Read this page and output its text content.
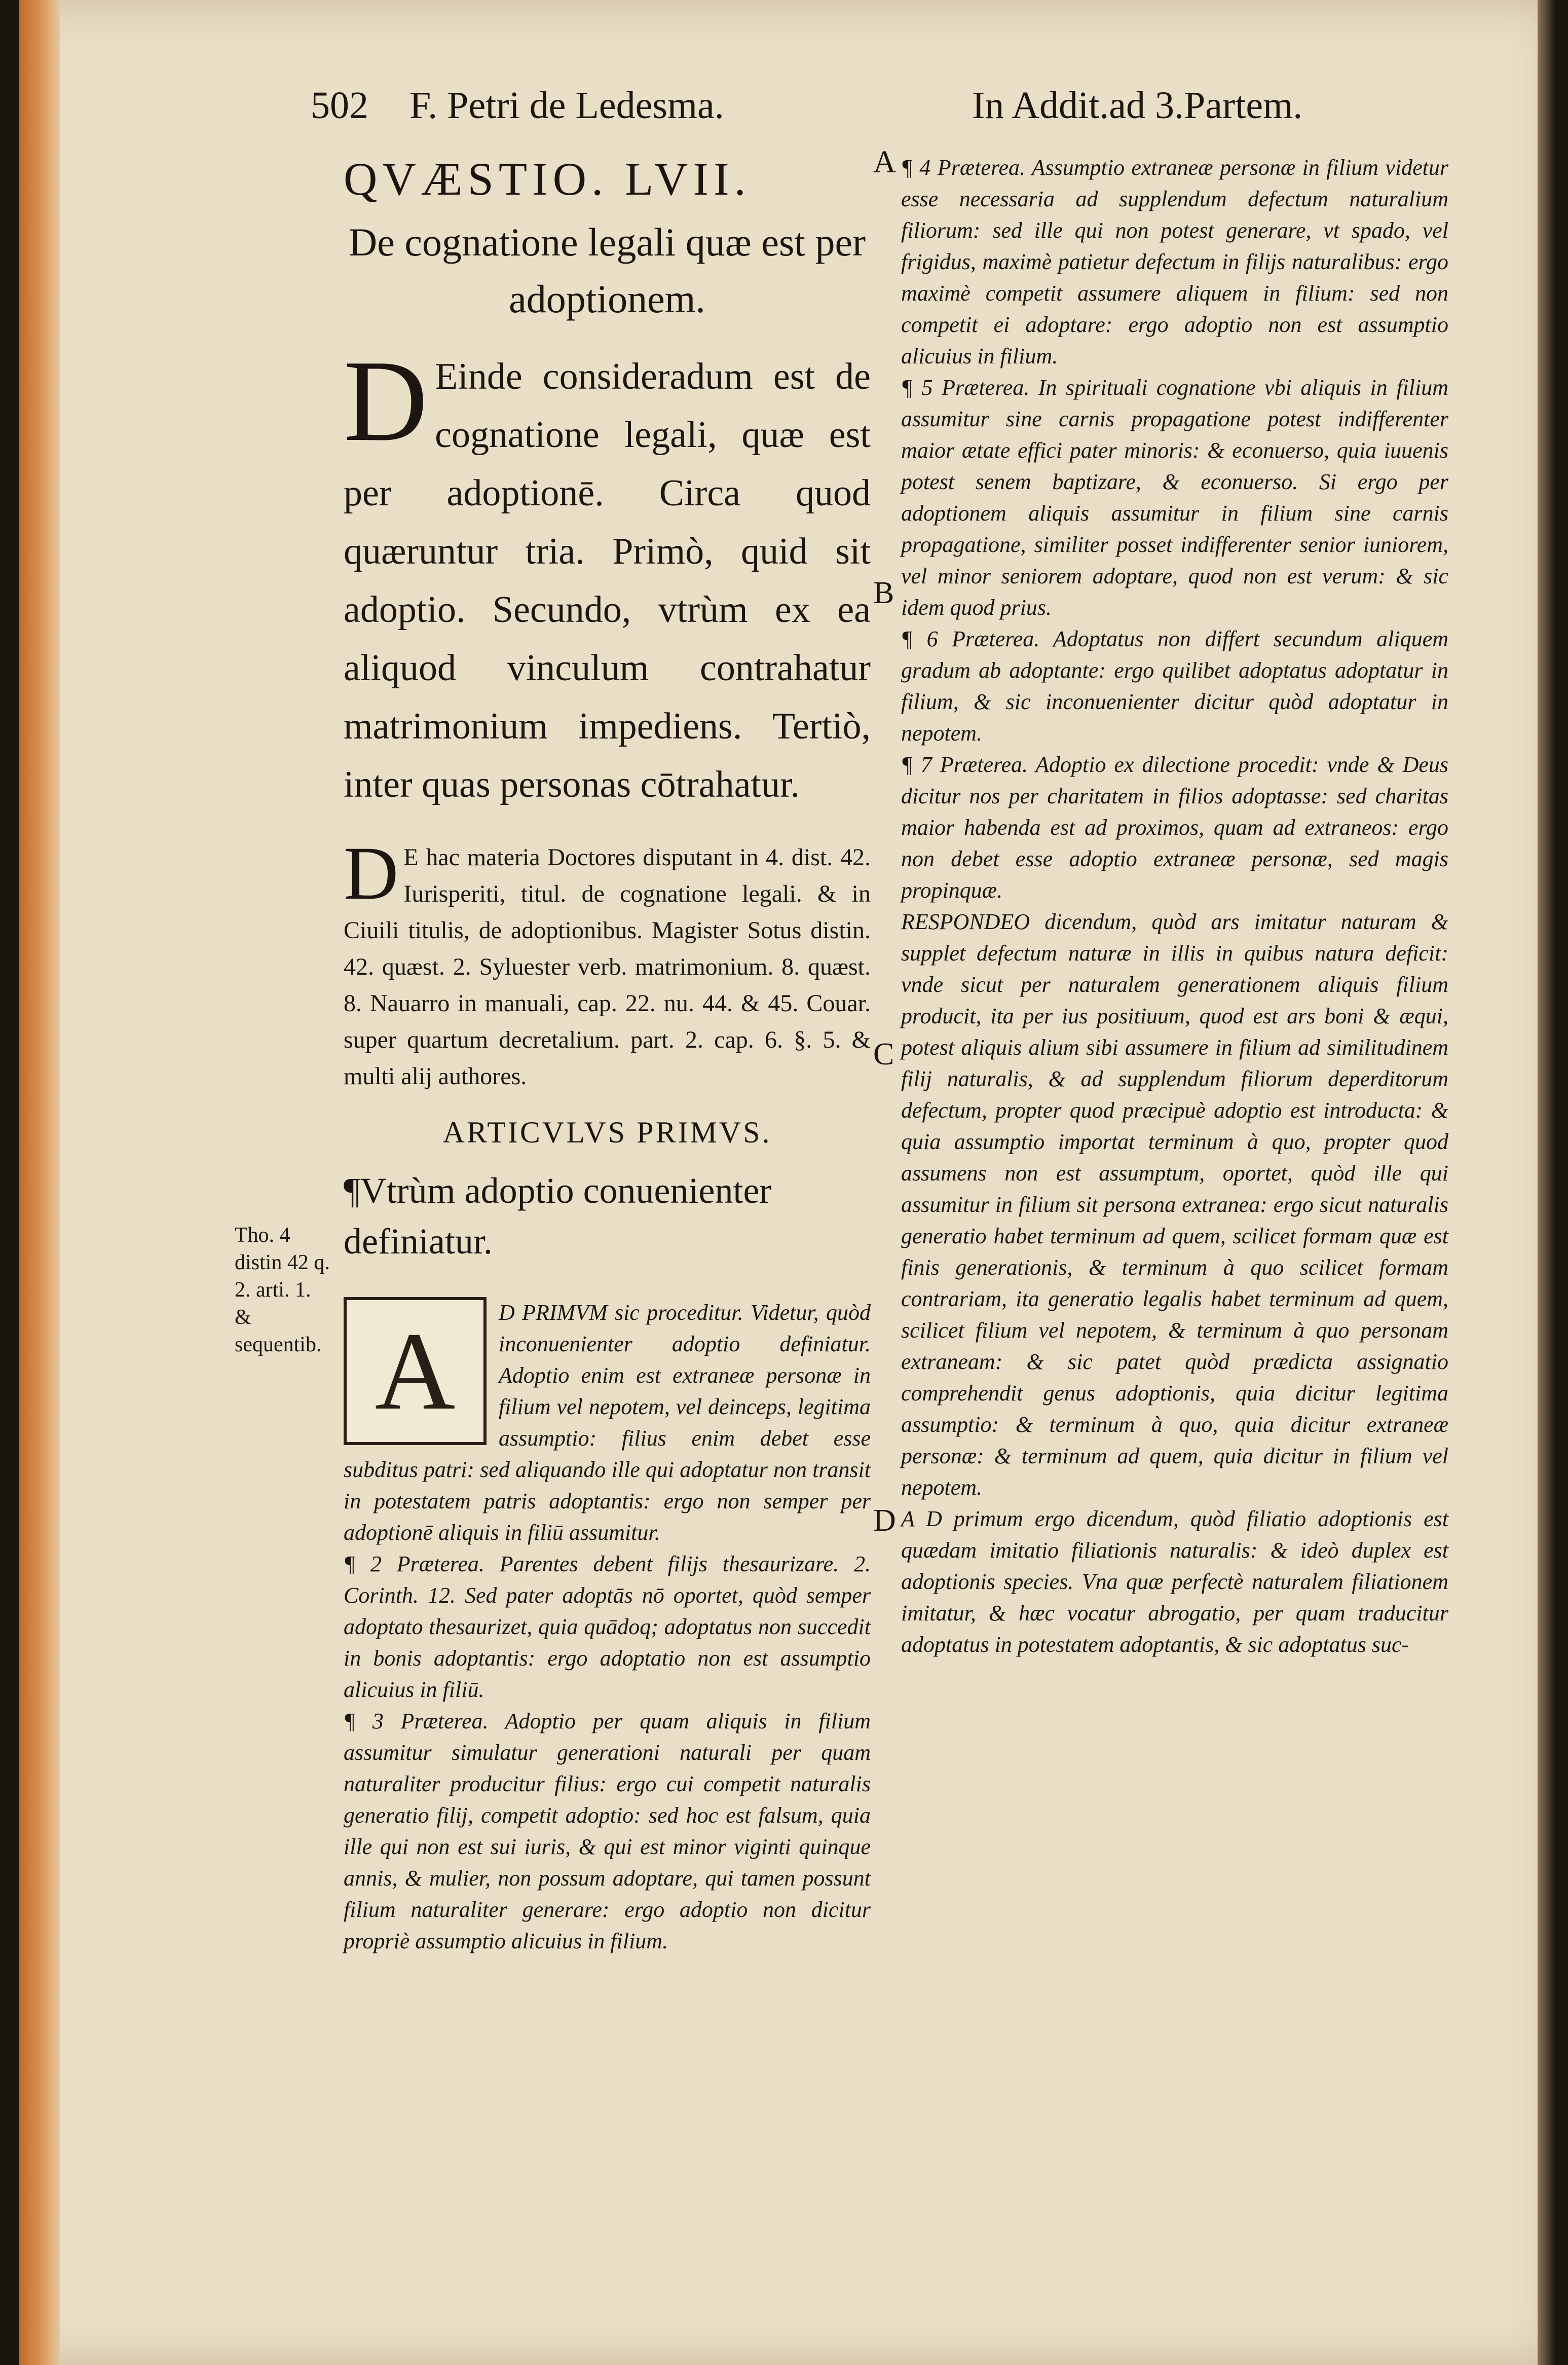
502 F. Petri de Ledesma.	In Addit.ad 3.Partem.
Tho. 4 distin 42 q. 2. arti. 1. & sequentib.
A
B
C
D
QVÆSTIO. LVII.
De cognatione legali quæ est per adoptionem.
D Einde consideradum est de cognatione legali, quæ est per adoptionē. Circa quod quæruntur tria. Primò, quid sit adoptio. Secundo, vtrùm ex ea aliquod vinculum contrahatur matrimonium impediens. Tertiò, inter quas personas cōtrahatur.
D E hac materia Doctores disputant in 4. dist. 42. Iurisperiti, titul. de cognatione legali. & in Ciuili titulis, de adoptionibus. Magister Sotus distin. 42. quæst. 2. Syluester verb. matrimonium. 8. quæst. 8. Nauarro in manuali, cap. 22. nu. 44. & 45. Couar. super quartum decretalium. part. 2. cap. 6. §. 5. & multi alij authores.
ARTICVLVS PRIMVS.
¶Vtrùm adoptio conuenienter definiatur.
A	D PRIMVM sic proceditur. Videtur, quòd inconuenienter adoptio definiatur. Adoptio enim est extraneæ personæ in filium vel nepotem, vel deinceps, legitima assumptio: filius enim debet esse subditus patri: sed aliquando ille qui adoptatur non transit in potestatem patris adoptantis: ergo non semper per adoptionē aliquis in filiū assumitur.

¶ 2 Præterea. Parentes debent filijs thesaurizare. 2. Corinth. 12. Sed pater adoptās nō oportet, quòd semper adoptato thesaurizet, quia quādoq; adoptatus non succedit in bonis adoptantis: ergo adoptatio non est assumptio alicuius in filiū.

¶ 3 Præterea. Adoptio per quam aliquis in filium assumitur simulatur generationi naturali per quam naturaliter producitur filius: ergo cui competit naturalis generatio filij, competit adoptio: sed hoc est falsum, quia ille qui non est sui iuris, & qui est minor viginti quinque annis, & mulier, non possum adoptare, qui tamen possunt filium naturaliter generare: ergo adoptio non dicitur propriè assumptio alicuius in filium.

¶ 4 Præterea. Assumptio extraneæ personæ in filium videtur esse necessaria ad supplendum defectum naturalium filiorum: sed ille qui non potest generare, vt spado, vel frigidus, maximè patietur defectum in filijs naturalibus: ergo maximè competit assumere aliquem in filium: sed non competit ei adoptare: ergo adoptio non est assumptio alicuius in filium.

¶ 5 Præterea. In spirituali cognatione vbi aliquis in filium assumitur sine carnis propagatione potest indifferenter maior ætate effici pater minoris: & econuerso, quia iuuenis potest senem baptizare, & econuerso. Si ergo per adoptionem aliquis assumitur in filium sine carnis propagatione, similiter posset indifferenter senior iuniorem, vel minor seniorem adoptare, quod non est verum: & sic idem quod prius.

¶ 6 Præterea. Adoptatus non differt secundum aliquem gradum ab adoptante: ergo quilibet adoptatus adoptatur in filium, & sic inconuenienter dicitur quòd adoptatur in nepotem.

¶ 7 Præterea. Adoptio ex dilectione procedit: vnde & Deus dicitur nos per charitatem in filios adoptasse: sed charitas maior habenda est ad proximos, quam ad extraneos: ergo non debet esse adoptio extraneæ personæ, sed magis propinquæ.

RESPONDEO dicendum, quòd ars imitatur naturam & supplet defectum naturæ in illis in quibus natura deficit: vnde sicut per naturalem generationem aliquis filium producit, ita per ius positiuum, quod est ars boni & æqui, potest aliquis alium sibi assumere in filium ad similitudinem filij naturalis, & ad supplendum filiorum deperditorum defectum, propter quod præcipuè adoptio est introducta: & quia assumptio importat terminum à quo, propter quod assumens non est assumptum, oportet, quòd ille qui assumitur in filium sit persona extranea: ergo sicut naturalis generatio habet terminum ad quem, scilicet formam quæ est finis generationis, & terminum à quo scilicet formam contrariam, ita generatio legalis habet terminum ad quem, scilicet filium vel nepotem, & terminum à quo personam extraneam: & sic patet quòd prædicta assignatio comprehendit genus adoptionis, quia dicitur legitima assumptio: & terminum à quo, quia dicitur extraneæ personæ: & terminum ad quem, quia dicitur in filium vel nepotem.

A D primum ergo dicendum, quòd filiatio adoptionis est quædam imitatio filiationis naturalis: & ideò duplex est adoptionis species. Vna quæ perfectè naturalem filiationem imitatur, & hæc vocatur abrogatio, per quam traducitur adoptatus in potestatem adoptantis, & sic adoptatus suc-
